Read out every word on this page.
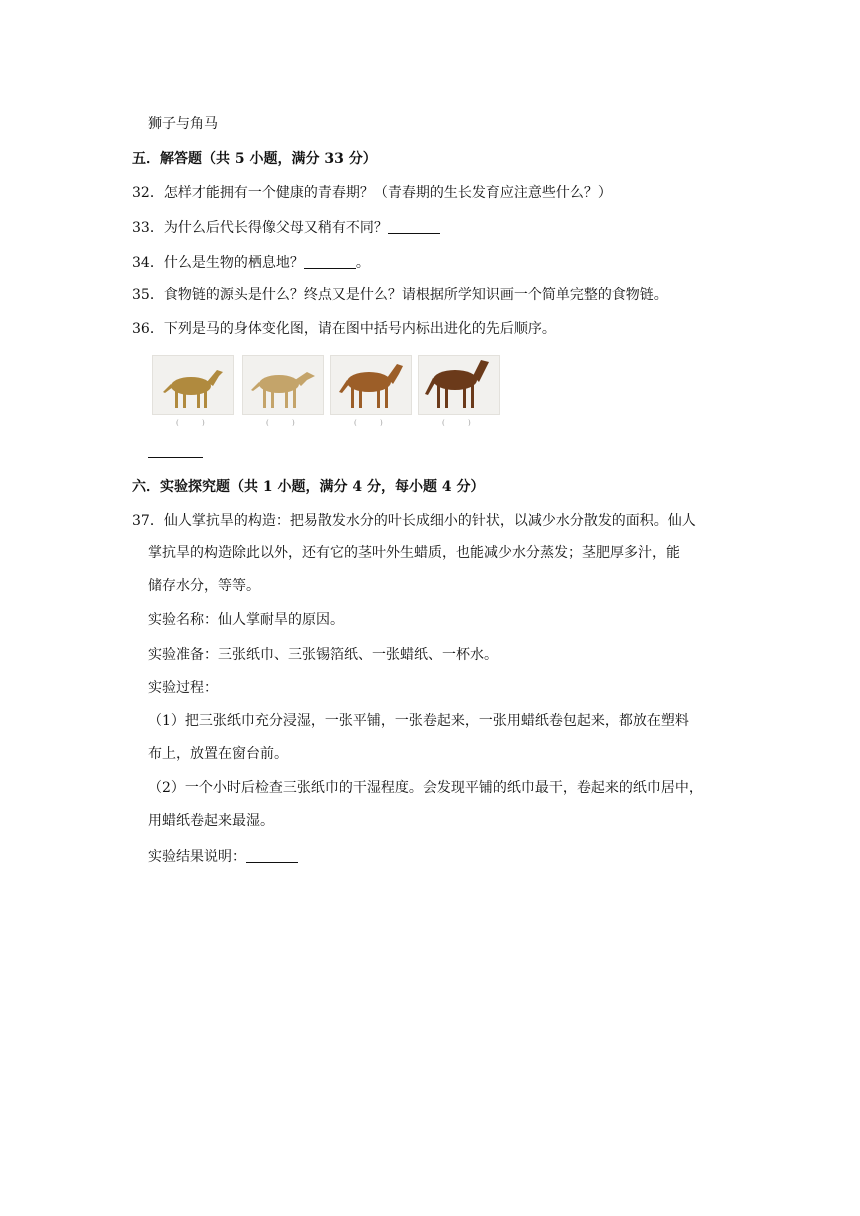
狮子与角马
五．解答题（共 5 小题，满分 33 分）
32．怎样才能拥有一个健康的青春期？（青春期的生长发育应注意些什么？）
33．为什么后代长得像父母又稍有不同？
34．什么是生物的栖息地？	。
35．食物链的源头是什么？终点又是什么？请根据所学知识画一个简单完整的食物链。
36．下列是马的身体变化图，请在图中括号内标出进化的先后顺序。
(	)	(	)	(	)	(	)
六．实验探究题（共 1 小题，满分 4 分，每小题 4 分）
37．仙人掌抗旱的构造：把易散发水分的叶长成细小的针状，以减少水分散发的面积。仙人
掌抗旱的构造除此以外，还有它的茎叶外生蜡质，也能减少水分蒸发；茎肥厚多汁，能
储存水分，等等。
实验名称：仙人掌耐旱的原因。
实验准备：三张纸巾、三张锡箔纸、一张蜡纸、一杯水。
实验过程：
（1）把三张纸巾充分浸湿，一张平铺，一张卷起来，一张用蜡纸卷包起来，都放在塑料
布上，放置在窗台前。
（2）一个小时后检查三张纸巾的干湿程度。会发现平铺的纸巾最干，卷起来的纸巾居中，
用蜡纸卷起来最湿。
实验结果说明：
